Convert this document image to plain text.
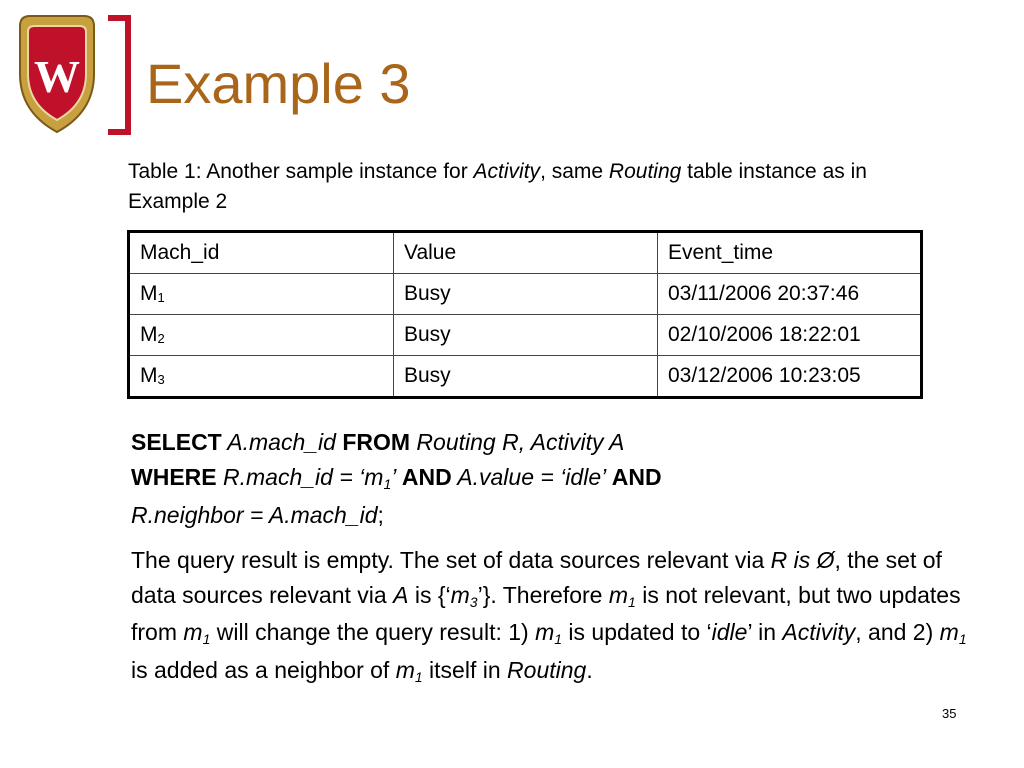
W Example 3
Table 1: Another sample instance for Activity, same Routing table instance as in Example 2
Mach_id	Value	Event_time
$M_1$	Busy	03/11/2006 20:37:46
$M_2$	Busy	02/10/2006 18:22:01
$M_3$	Busy	03/12/2006 10:23:05
SELECT A.mach_id FROM Routing R, Activity A
WHERE R.mach_id = ‘$m_1$’ AND A.value = ‘idle’ AND
R.neighbor = A.mach_id;
The query result is empty. The set of data sources relevant via R is Ø, the set of data sources relevant via A is $\{‘m_3’\}$. Therefore $m_1$ is not relevant, but two updates from $m_1$ will change the query result: 1) $m_1$ is updated to ‘idle’ in Activity, and 2) $m_1$ is added as a neighbor of $m_1$ itself in Routing.
35
